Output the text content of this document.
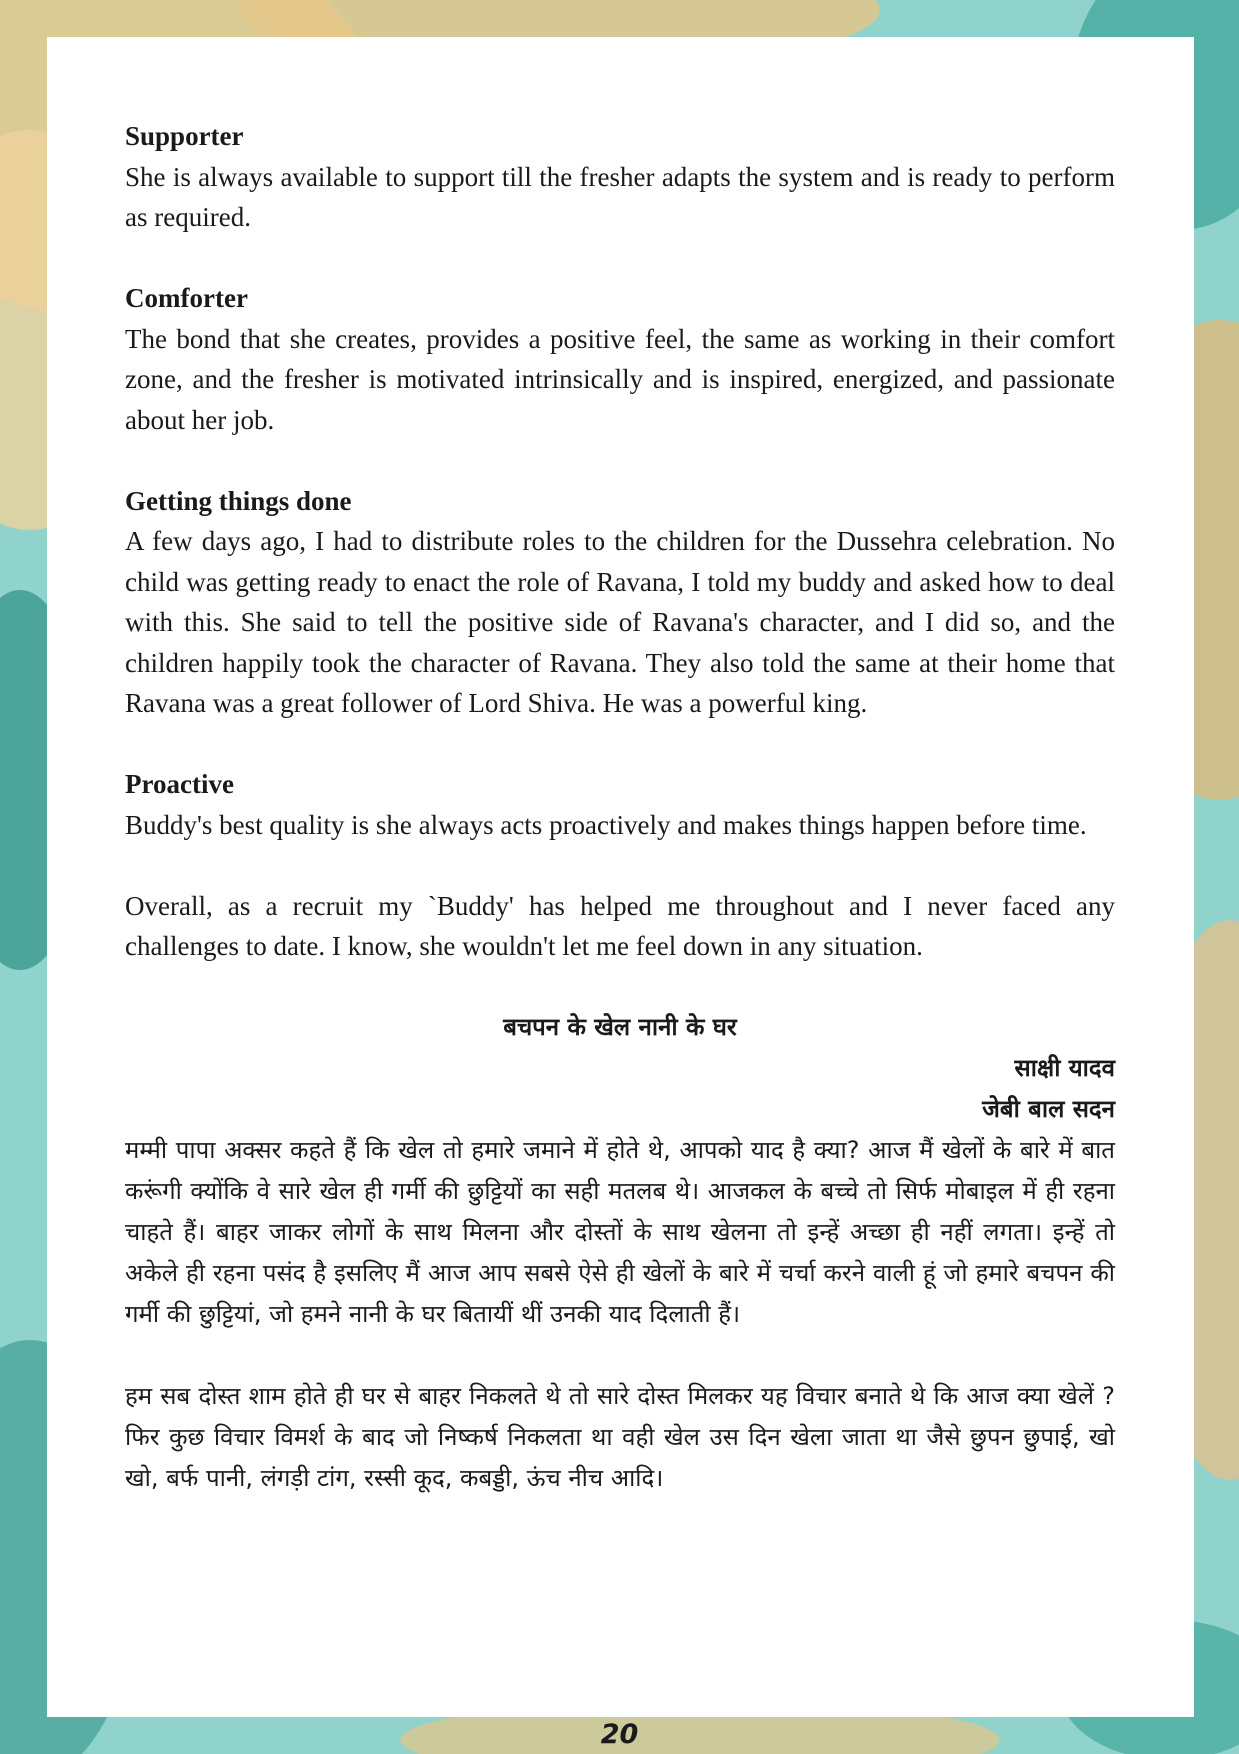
Supporter

She is always available to support till the fresher adapts the system and is ready to perform as required.

Comforter

The bond that she creates, provides a positive feel, the same as working in their comfort zone, and the fresher is motivated intrinsically and is inspired, energized, and passionate about her job.

Getting things done

A few days ago, I had to distribute roles to the children for the Dussehra celebration. No child was getting ready to enact the role of Ravana, I told my buddy and asked how to deal with this. She said to tell the positive side of Ravana's character, and I did so, and the children happily took the character of Ravana. They also told the same at their home that Ravana was a great follower of Lord Shiva. He was a powerful king.

Proactive

Buddy's best quality is she always acts proactively and makes things happen before time.

Overall, as a recruit my `Buddy' has helped me throughout and I never faced any challenges to date. I know, she wouldn't let me feel down in any situation.

बचपन के खेल नानी के घर

साक्षी यादव

जेबी बाल सदन

मम्मी पापा अक्सर कहते हैं कि खेल तो हमारे जमाने में होते थे, आपको याद है क्या? आज मैं खेलों के बारे में बात करूंगी क्योंकि वे सारे खेल ही गर्मी की छुट्टियों का सही मतलब थे। आजकल के बच्चे तो सिर्फ मोबाइल में ही रहना चाहते हैं। बाहर जाकर लोगों के साथ मिलना और दोस्तों के साथ खेलना तो इन्हें अच्छा ही नहीं लगता। इन्हें तो अकेले ही रहना पसंद है इसलिए मैं आज आप सबसे ऐसे ही खेलों के बारे में चर्चा करने वाली हूं जो हमारे बचपन की गर्मी की छुट्टियां, जो हमने नानी के घर बितायीं थीं उनकी याद दिलाती हैं।

हम सब दोस्त शाम होते ही घर से बाहर निकलते थे तो सारे दोस्त मिलकर यह विचार बनाते थे कि आज क्या खेलें ? फिर कुछ विचार विमर्श के बाद जो निष्कर्ष निकलता था वही खेल उस दिन खेला जाता था जैसे छुपन छुपाई, खो खो, बर्फ पानी, लंगड़ी टांग, रस्सी कूद, कबड्डी, ऊंच नीच आदि।

20
